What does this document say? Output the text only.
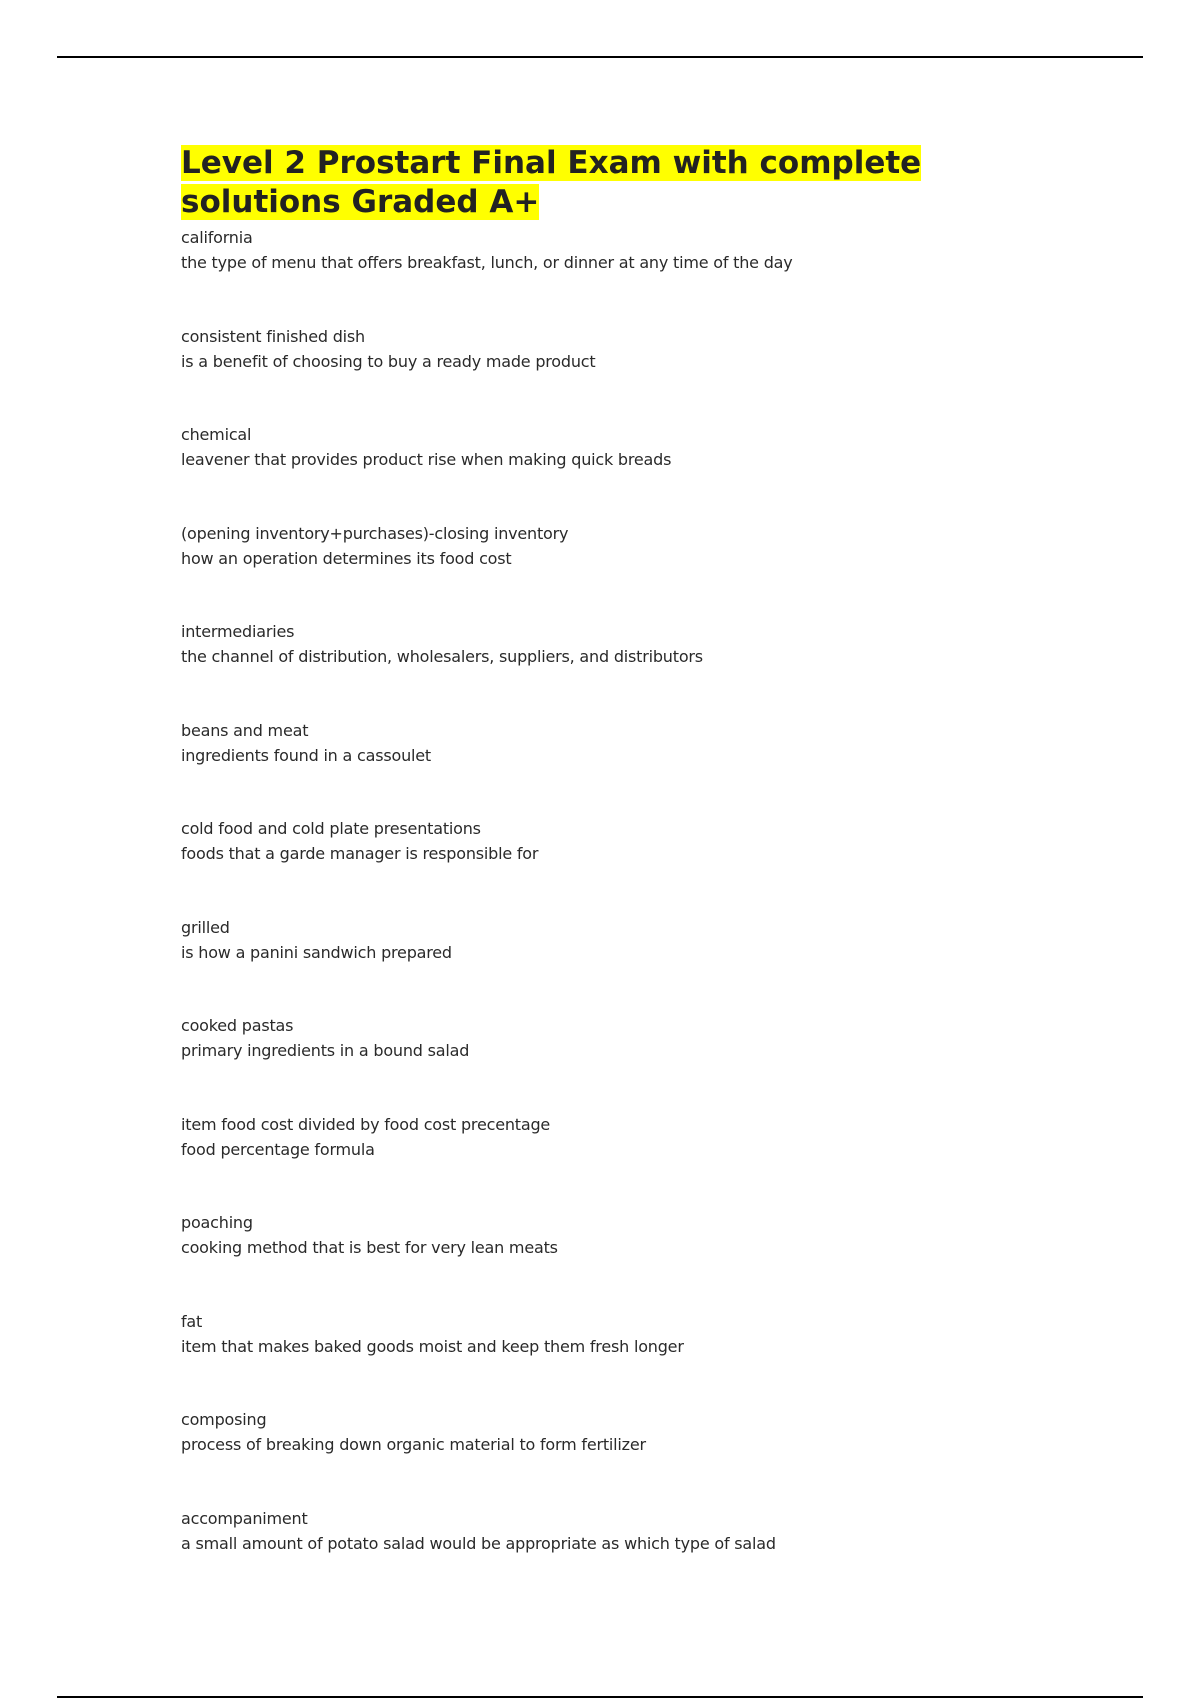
Level 2 Prostart Final Exam with complete solutions Graded A+
california
the type of menu that offers breakfast, lunch, or dinner at any time of the day
consistent finished dish
is a benefit of choosing to buy a ready made product
chemical
leavener that provides product rise when making quick breads
(opening inventory+purchases)-closing inventory
how an operation determines its food cost
intermediaries
the channel of distribution, wholesalers, suppliers, and distributors
beans and meat
ingredients found in a cassoulet
cold food and cold plate presentations
foods that a garde manager is responsible for
grilled
is how a panini sandwich prepared
cooked pastas
primary ingredients in a bound salad
item food cost divided by food cost precentage
food percentage formula
poaching
cooking method that is best for very lean meats
fat
item that makes baked goods moist and keep them fresh longer
composing
process of breaking down organic material to form fertilizer
accompaniment
a small amount of potato salad would be appropriate as which type of salad
